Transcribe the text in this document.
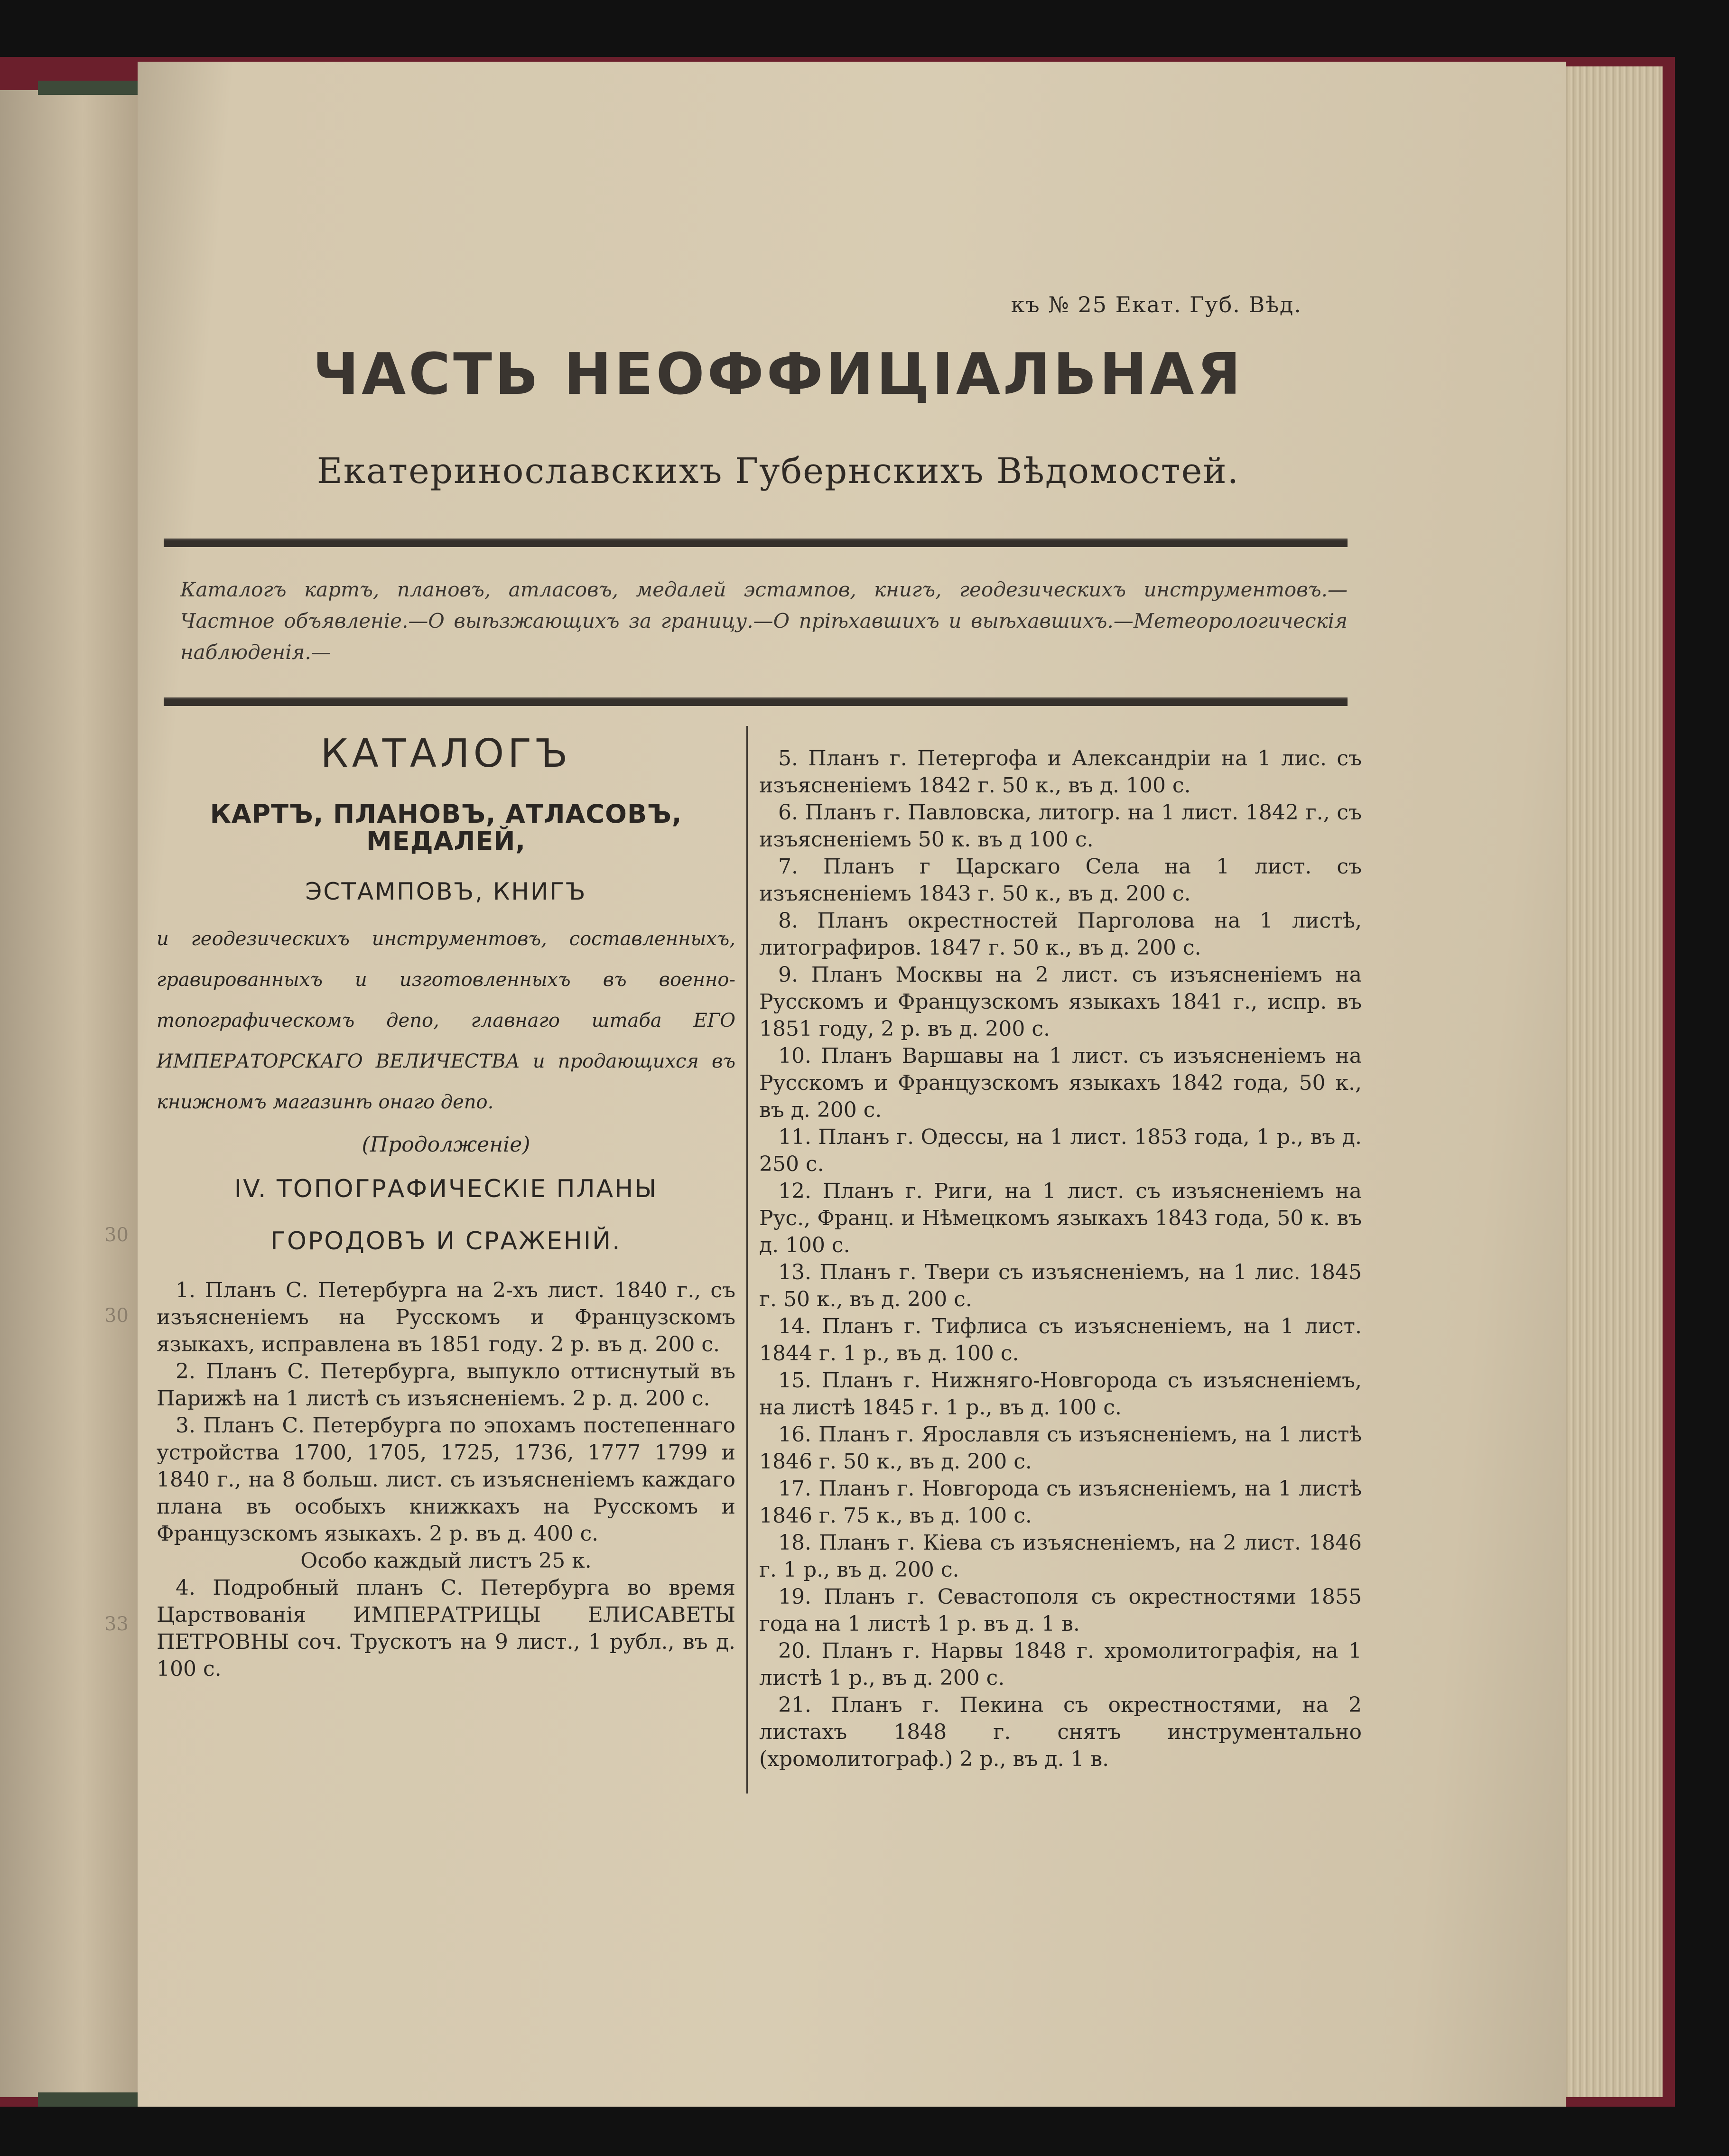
30
30
33
къ № 25 Екат. Губ. Вѣд.
ЧАСТЬ НЕОФФИЦІАЛЬНАЯ
Екатеринославскихъ Губернскихъ Вѣдомостей.
Каталогъ картъ, плановъ, атласовъ, медалей эстампов, книгъ, геодезическихъ инструментовъ.—Частное объявленіе.—О выѣзжающихъ за границу.—О пріѣхавшихъ и выѣхавшихъ.—Метеорологическія наблюденія.—
КАТАЛОГЪ
КАРТЪ, ПЛАНОВЪ, АТЛАСОВЪ, МЕДАЛЕЙ,
ЭСТАМПОВЪ, КНИГЪ
и геодезическихъ инструментовъ, составленныхъ, гравированныхъ и изготовленныхъ въ военно-топографическомъ депо, главнаго штаба ЕГО ИМПЕРАТОРСКАГО ВЕЛИЧЕСТВА и продающихся въ книжномъ магазинѣ онаго депо.
(Продолженіе)
IV. ТОПОГРАФИЧЕСКІЕ ПЛАНЫ ГОРОДОВЪ И СРАЖЕНІЙ.

1. Планъ С. Петербурга на 2-хъ лист. 1840 г., съ изъясненіемъ на Русскомъ и Французскомъ языкахъ, исправлена въ 1851 году. 2 р. въ д. 200 с.

2. Планъ С. Петербурга, выпукло оттиснутый въ Парижѣ на 1 листѣ съ изъясненіемъ. 2 р. д. 200 с.

3. Планъ С. Петербурга по эпохамъ постепеннаго устройства 1700, 1705, 1725, 1736, 1777 1799 и 1840 г., на 8 больш. лист. съ изъясненіемъ каждаго плана въ особыхъ книжкахъ на Русскомъ и Французскомъ языкахъ. 2 р. въ д. 400 с.

Особо каждый листъ 25 к.

4. Подробный планъ С. Петербурга во время Царствованія ИМПЕРАТРИЦЫ ЕЛИСАВЕТЫ ПЕТРОВНЫ соч. Трускотъ на 9 лист., 1 рубл., въ д. 100 с.

5. Планъ г. Петергофа и Александріи на 1 лис. съ изъясненіемъ 1842 г. 50 к., въ д. 100 с.

6. Планъ г. Павловска, литогр. на 1 лист. 1842 г., съ изъясненіемъ 50 к. въ д 100 с.

7. Планъ г Царскаго Села на 1 лист. съ изъясненіемъ 1843 г. 50 к., въ д. 200 с.

8. Планъ окрестностей Парголова на 1 листѣ, литографиров. 1847 г. 50 к., въ д. 200 с.

9. Планъ Москвы на 2 лист. съ изъясненіемъ на Русскомъ и Французскомъ языкахъ 1841 г., испр. въ 1851 году, 2 р. въ д. 200 с.

10. Планъ Варшавы на 1 лист. съ изъясненіемъ на Русскомъ и Французскомъ языкахъ 1842 года, 50 к., въ д. 200 с.

11. Планъ г. Одессы, на 1 лист. 1853 года, 1 р., въ д. 250 с.

12. Планъ г. Риги, на 1 лист. съ изъясненіемъ на Рус., Франц. и Нѣмецкомъ языкахъ 1843 года, 50 к. въ д. 100 с.

13. Планъ г. Твери съ изъясненіемъ, на 1 лис. 1845 г. 50 к., въ д. 200 с.

14. Планъ г. Тифлиса съ изъясненіемъ, на 1 лист. 1844 г. 1 р., въ д. 100 с.

15. Планъ г. Нижняго-Новгорода съ изъясненіемъ, на листѣ 1845 г. 1 р., въ д. 100 с.

16. Планъ г. Ярославля съ изъясненіемъ, на 1 листѣ 1846 г. 50 к., въ д. 200 с.

17. Планъ г. Новгорода съ изъясненіемъ, на 1 листѣ 1846 г. 75 к., въ д. 100 с.

18. Планъ г. Кіева съ изъясненіемъ, на 2 лист. 1846 г. 1 р., въ д. 200 с.

19. Планъ г. Севастополя съ окрестностями 1855 года на 1 листѣ 1 р. въ д. 1 в.

20. Планъ г. Нарвы 1848 г. хромолитографія, на 1 листѣ 1 р., въ д. 200 с.

21. Планъ г. Пекина съ окрестностями, на 2 листахъ 1848 г. снятъ инструментально (хромолитограф.) 2 р., въ д. 1 в.
